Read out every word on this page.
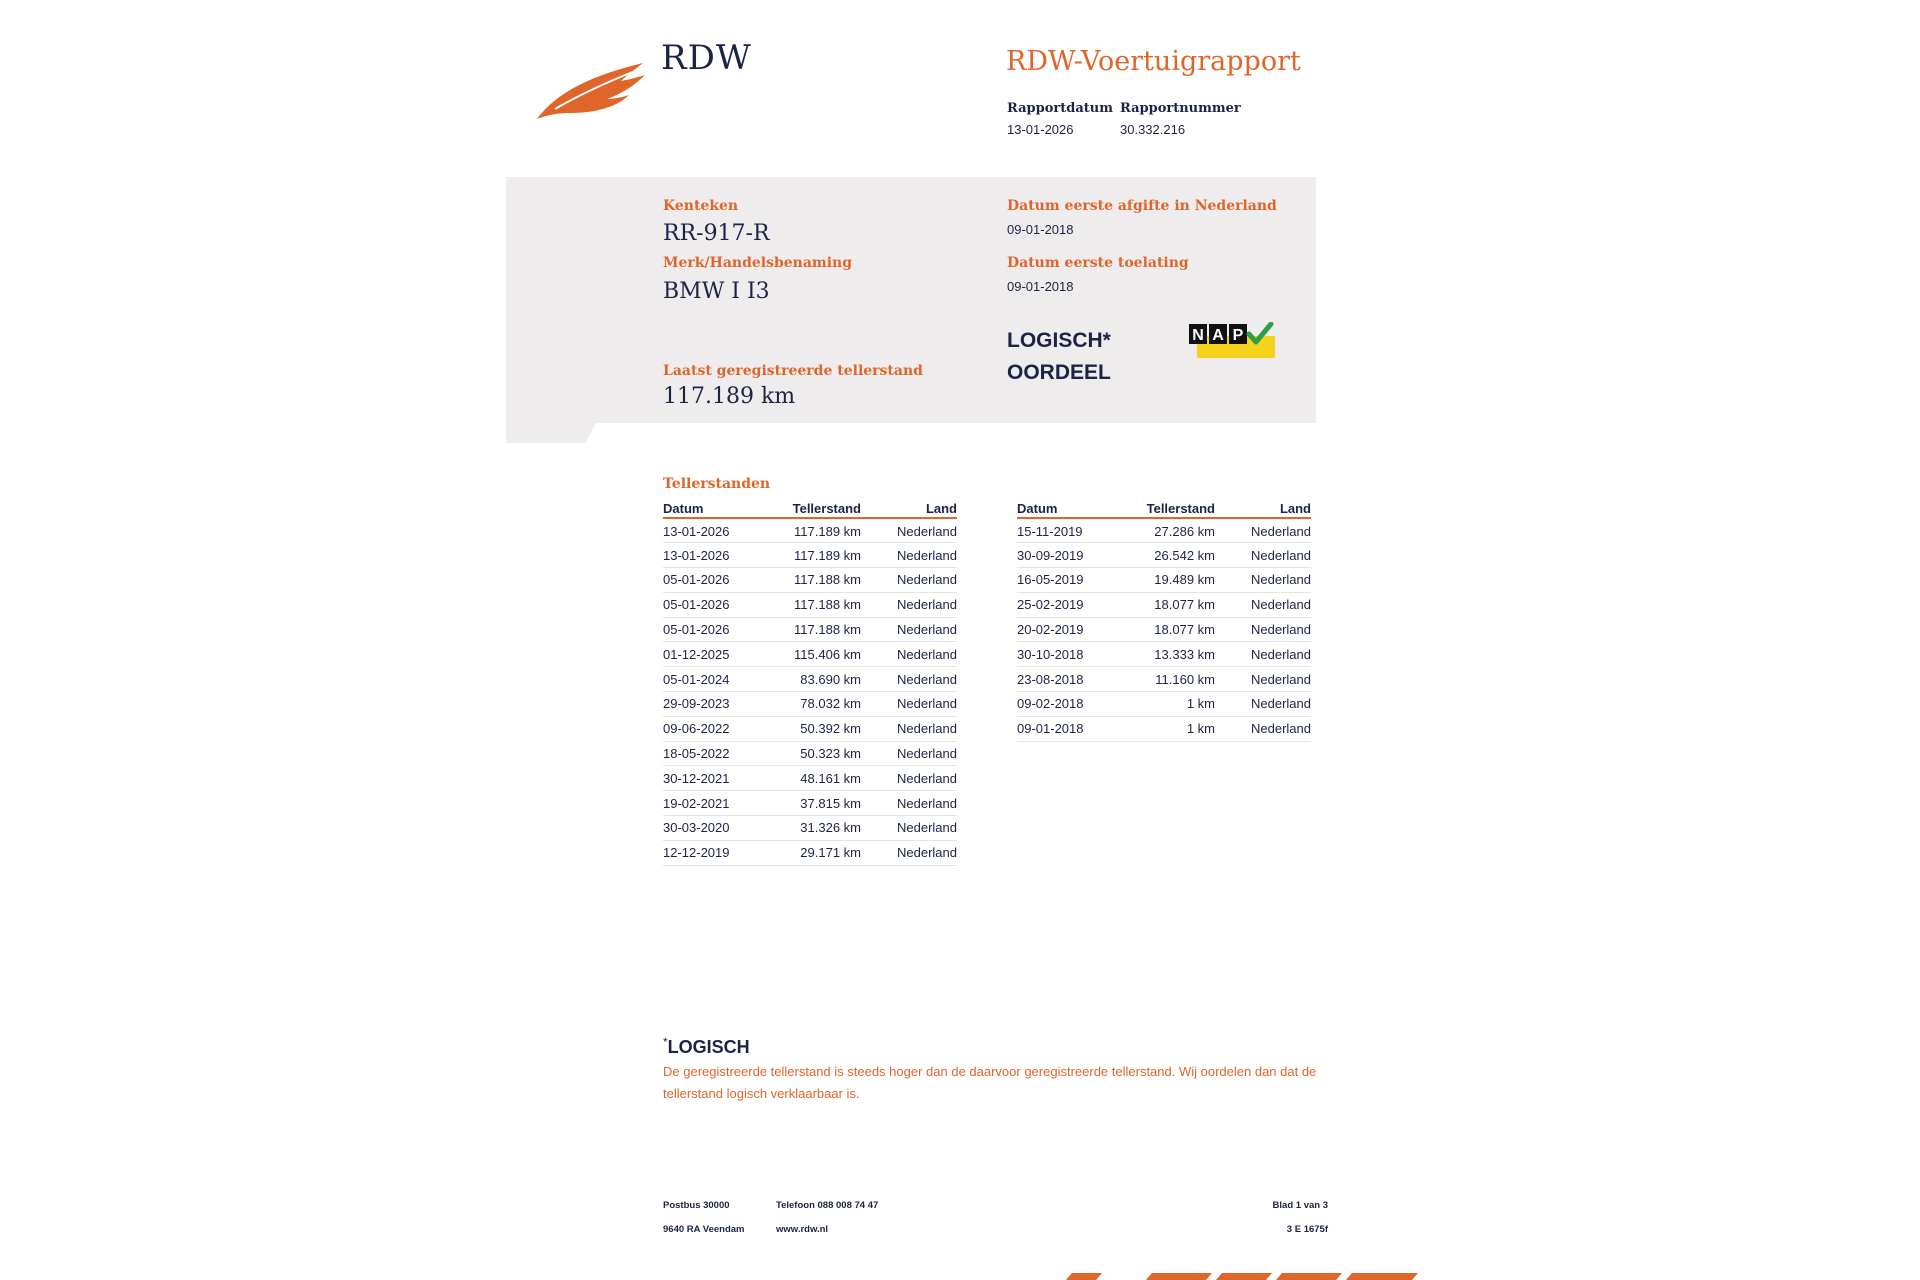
RDW	RDW-Voertuigrapport
Rapportdatum
13-01-2026
Rapportnummer
30.332.216
Kenteken
RR-917-R
Merk/Handelsbenaming
BMW I I3
Laatst geregistreerde tellerstand
117.189 km
Datum eerste afgifte in Nederland
09-01-2018
Datum eerste toelating
09-01-2018
LOGISCH*
OORDEEL
N A P
Tellerstanden
Datum	Tellerstand	Land
13-01-2026	117.189 km	Nederland
13-01-2026	117.189 km	Nederland
05-01-2026	117.188 km	Nederland
05-01-2026	117.188 km	Nederland
05-01-2026	117.188 km	Nederland
01-12-2025	115.406 km	Nederland
05-01-2024	83.690 km	Nederland
29-09-2023	78.032 km	Nederland
09-06-2022	50.392 km	Nederland
18-05-2022	50.323 km	Nederland
30-12-2021	48.161 km	Nederland
19-02-2021	37.815 km	Nederland
30-03-2020	31.326 km	Nederland
12-12-2019	29.171 km	Nederland
Datum	Tellerstand	Land
15-11-2019	27.286 km	Nederland
30-09-2019	26.542 km	Nederland
16-05-2019	19.489 km	Nederland
25-02-2019	18.077 km	Nederland
20-02-2019	18.077 km	Nederland
30-10-2018	13.333 km	Nederland
23-08-2018	11.160 km	Nederland
09-02-2018	1 km	Nederland
09-01-2018	1 km	Nederland
*LOGISCH
De geregistreerde tellerstand is steeds hoger dan de daarvoor geregistreerde tellerstand. Wij oordelen dan dat de tellerstand logisch verklaarbaar is.
Postbus 30000
9640 RA Veendam
Telefoon 088 008 74 47
www.rdw.nl
Blad 1 van 3
3 E 1675f
